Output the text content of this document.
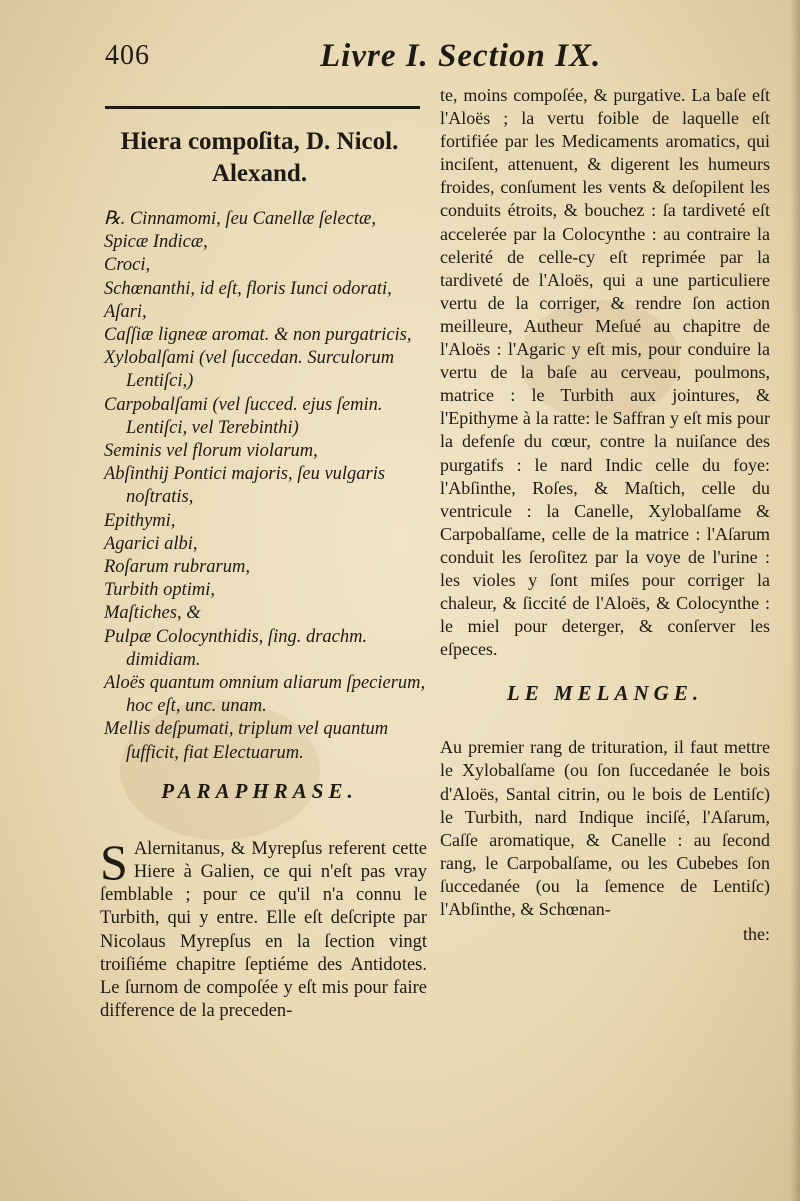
406	Livre I. Section IX.
Hiera compoſita, D. Nicol.
Alexand.
℞. Cinnamomi, ſeu Canellæ ſelectæ,
Spicæ Indicæ,
Croci,
Schœnanthi, id eſt, floris Iunci odorati,
Aſari,
Caſſiæ ligneæ aromat. & non purgatricis,
Xylobalſami (vel ſuccedan. Surculorum Lentiſci,)
Carpobalſami (vel ſucced. ejus ſemin. Lentiſci, vel Terebinthi)
Seminis vel florum violarum,
Abſinthij Pontici majoris, ſeu vulgaris noſtratis,
Epithymi,
Agarici albi,
Roſarum rubrarum,
Turbith optimi,
Maſtiches, &
Pulpæ Colocynthidis, ſing. drachm. dimidiam.
Aloës quantum omnium aliarum ſpecierum, hoc eſt, unc. unam.
Mellis deſpumati, triplum vel quantum ſufficit, fiat Electuarum.
PARAPHRASE.
S Alernitanus, & Myrepſus referent cette Hiere à Galien, ce qui n'eſt pas vray ſemblable ; pour ce qu'il n'a connu le Turbith, qui y entre. Elle eſt deſcripte par Nicolaus Myrepſus en la ſection vingt troiſiéme chapitre ſeptiéme des Antidotes. Le ſurnom de compoſée y eſt mis pour faire difference de la preceden-

te, moins compoſée, & purgative. La baſe eſt l'Aloës ; la vertu foible de laquelle eſt fortifiée par les Medicaments aromatics, qui inciſent, attenuent, & digerent les humeurs froides, conſument les vents & deſopilent les conduits étroits, & bouchez : ſa tardiveté eſt accelerée par la Colocynthe : au contraire la celerité de celle-cy eſt reprimée par la tardiveté de l'Aloës, qui a une particuliere vertu de la corriger, & rendre ſon action meilleure, Autheur Meſué au chapitre de l'Aloës : l'Agaric y eſt mis, pour conduire la vertu de la baſe au cerveau, poulmons, matrice : le Turbith aux jointures, & l'Epithyme à la ratte: le Saffran y eſt mis pour la defenſe du cœur, contre la nuiſance des purgatifs : le nard Indic celle du foye: l'Abſinthe, Roſes, & Maſtich, celle du ventricule : la Canelle, Xylobalſame & Carpobalſame, celle de la matrice : l'Aſarum conduit les ſeroſitez par la voye de l'urine : les violes y ſont miſes pour corriger la chaleur, & ſiccité de l'Aloës, & Colocynthe : le miel pour deterger, & conſerver les eſpeces.

LE MELANGE.

Au premier rang de trituration, il faut mettre le Xylobalſame (ou ſon ſuccedanée le bois d'Aloës, Santal citrin, ou le bois de Lentiſc) le Turbith, nard Indique inciſé, l'Aſarum, Caſſe aromatique, & Canelle : au ſecond rang, le Carpobalſame, ou les Cubebes ſon ſuccedanée (ou la ſemence de Lentiſc) l'Abſinthe, & Schœnan-

the:
